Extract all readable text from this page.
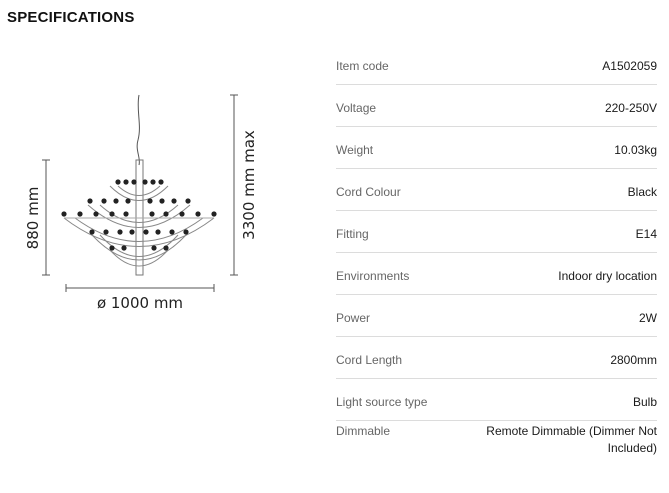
SPECIFICATIONS
880 mm	3300 mm max
ø 1000 mm
Item code	A1502059
Voltage	220-250V
Weight	10.03kg
Cord Colour	Black
Fitting	E14
Environments	Indoor dry location
Power	2W
Cord Length	2800mm
Light source type	Bulb
Dimmable	Remote Dimmable (Dimmer Not Included)
